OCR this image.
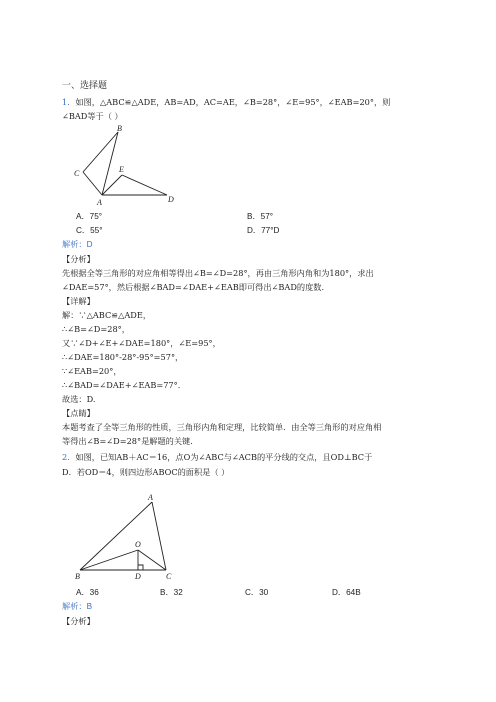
一、选择题
1．如图，△ABC≌△ADE，AB=AD，AC=AE，∠B=28°，∠E=95°，∠EAB=20°，则
∠BAD等于（ ）
B
C	E
A	D
A．75°	B．57°
C．55°	D．77°D
解析：D
【分析】
先根据全等三角形的对应角相等得出∠B=∠D=28°，再由三角形内角和为180°，求出
∠DAE=57°，然后根据∠BAD=∠DAE+∠EAB即可得出∠BAD的度数.
【详解】
解：∵△ABC≌△ADE，
∴∠B=∠D=28°，
又∵∠D+∠E+∠DAE=180°，∠E=95°，
∴∠DAE=180°-28°-95°=57°，
∵∠EAB=20°，
∴∠BAD=∠DAE+∠EAB=77°.
故选：D.
【点睛】
本题考查了全等三角形的性质，三角形内角和定理，比较简单．由全等三角形的对应角相
等得出∠B=∠D=28°是解题的关键.
2．如图，已知AB＋AC＝16，点O为∠ABC与∠ACB的平分线的交点，且OD⊥BC于
D．若OD＝4，则四边形ABOC的面积是（ ）
A
O
B	D	C
A．36	B．32	C．30	D．64B
解析：B
【分析】
